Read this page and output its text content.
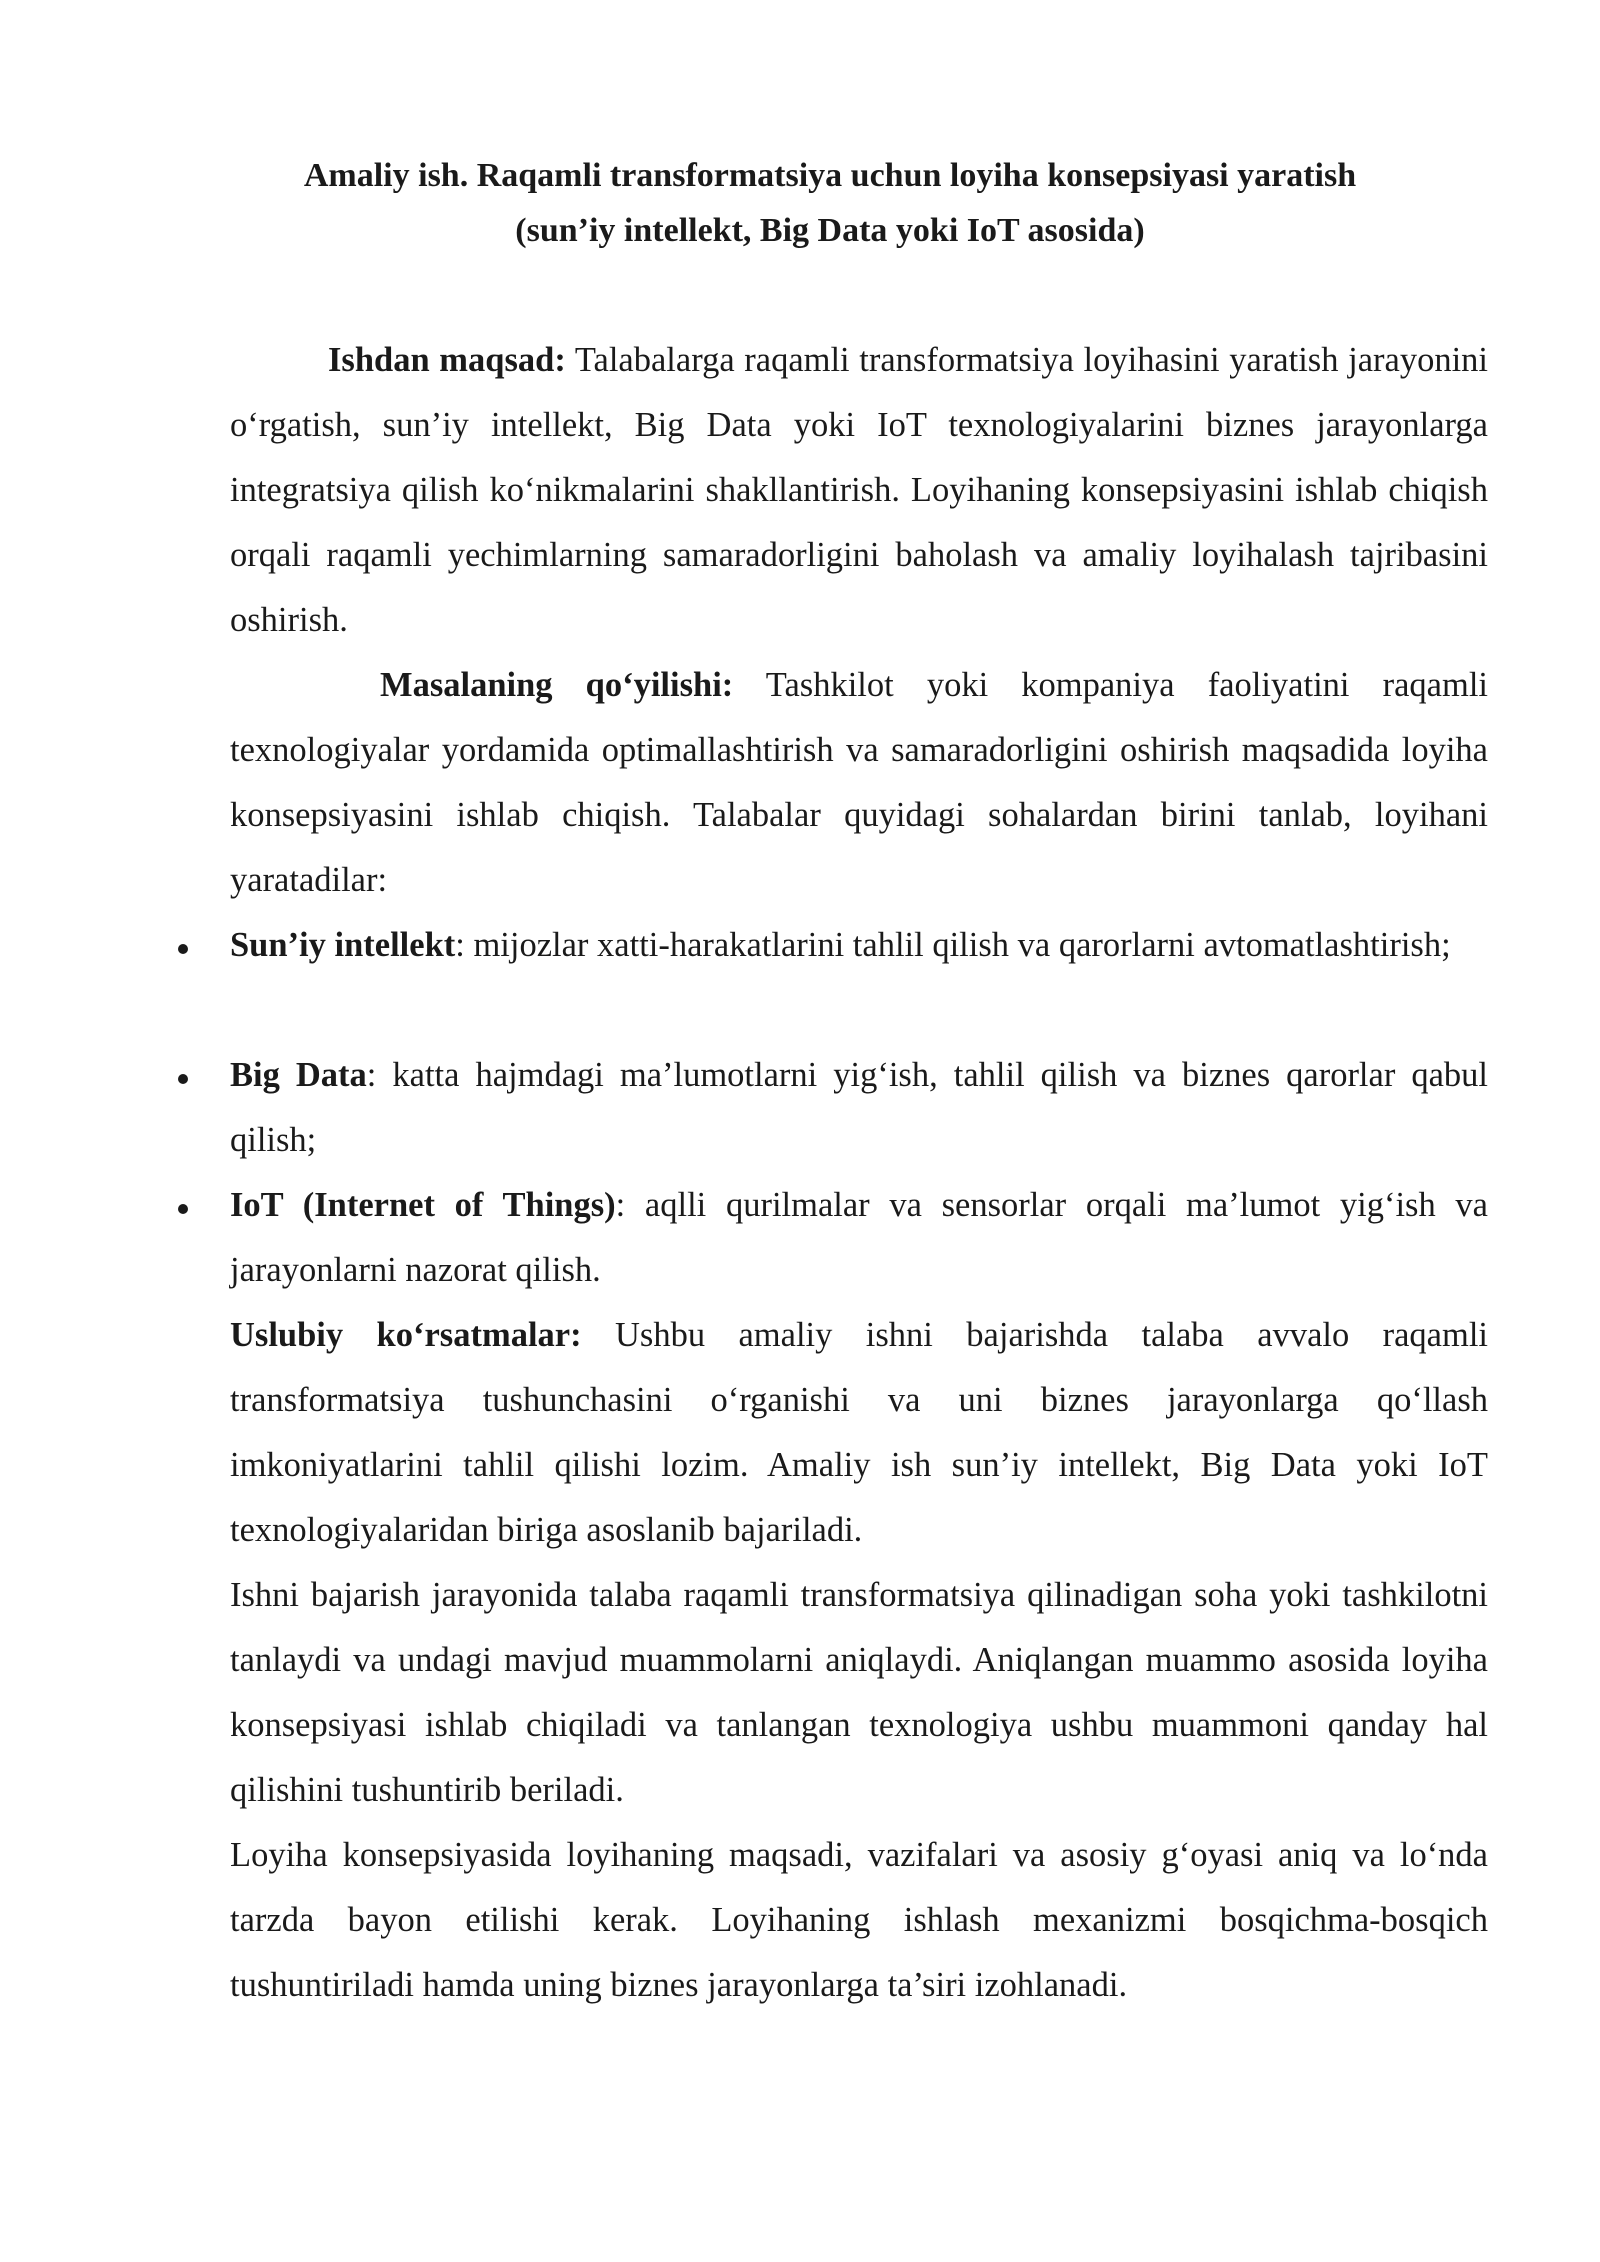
Amaliy ish. Raqamli transformatsiya uchun loyiha konsepsiyasi yaratish
(sun’iy intellekt, Big Data yoki IoT asosida)
Ishdan maqsad: Talabalarga raqamli transformatsiya loyihasini yaratish jarayonini o‘rgatish, sun’iy intellekt, Big Data yoki IoT texnologiyalarini biznes jarayonlarga integratsiya qilish ko‘nikmalarini shakllantirish. Loyihaning konsepsiyasini ishlab chiqish orqali raqamli yechimlarning samaradorligini baholash va amaliy loyihalash tajribasini oshirish.
Masalaning qo‘yilishi: Tashkilot yoki kompaniya faoliyatini raqamli texnologiyalar yordamida optimallashtirish va samaradorligini oshirish maqsadida loyiha konsepsiyasini ishlab chiqish. Talabalar quyidagi sohalardan birini tanlab, loyihani yaratadilar:
Sun’iy intellekt: mijozlar xatti-harakatlarini tahlil qilish va qarorlarni avtomatlashtirish;
Big Data: katta hajmdagi ma’lumotlarni yig‘ish, tahlil qilish va biznes qarorlar qabul qilish;
IoT (Internet of Things): aqlli qurilmalar va sensorlar orqali ma’lumot yig‘ish va jarayonlarni nazorat qilish.
Uslubiy ko‘rsatmalar: Ushbu amaliy ishni bajarishda talaba avvalo raqamli transformatsiya tushunchasini o‘rganishi va uni biznes jarayonlarga qo‘llash imkoniyatlarini tahlil qilishi lozim. Amaliy ish sun’iy intellekt, Big Data yoki IoT texnologiyalaridan biriga asoslanib bajariladi.
Ishni bajarish jarayonida talaba raqamli transformatsiya qilinadigan soha yoki tashkilotni tanlaydi va undagi mavjud muammolarni aniqlaydi. Aniqlangan muammo asosida loyiha konsepsiyasi ishlab chiqiladi va tanlangan texnologiya ushbu muammoni qanday hal qilishini tushuntirib beriladi.
Loyiha konsepsiyasida loyihaning maqsadi, vazifalari va asosiy g‘oyasi aniq va lo‘nda tarzda bayon etilishi kerak. Loyihaning ishlash mexanizmi bosqichma-bosqich tushuntiriladi hamda uning biznes jarayonlarga ta’siri izohlanadi.
